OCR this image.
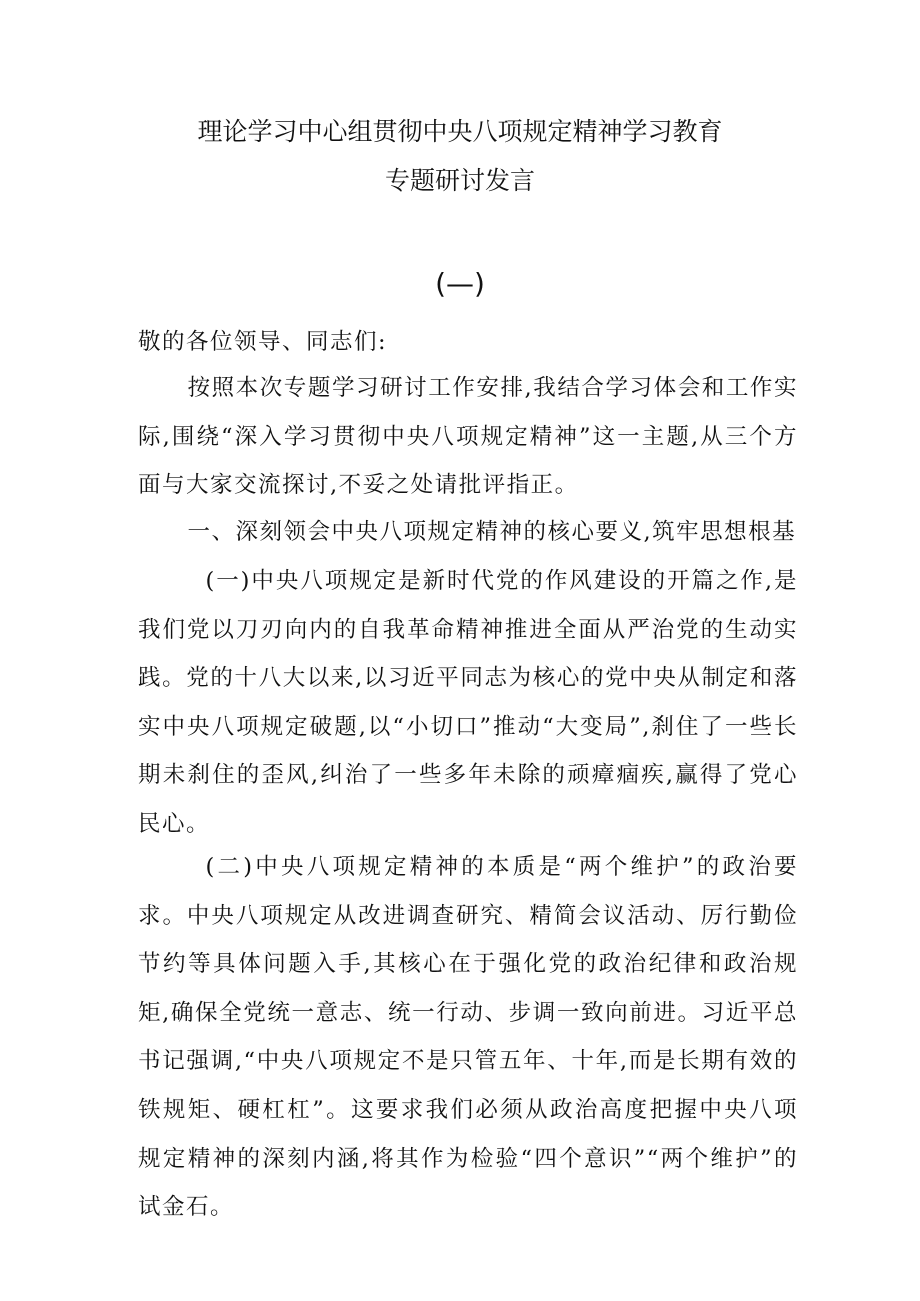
理论学习中心组贯彻中央八项规定精神学习教育
专题研讨发言
(—)

敬的各位领导、同志们:

按照本次专题学习研讨工作安排,我结合学习体会和工作实际,围绕“深入学习贯彻中央八项规定精神”这一主题,从三个方面与大家交流探讨,不妥之处请批评指正。

一、深刻领会中央八项规定精神的核心要义,筑牢思想根基

(一)中央八项规定是新时代党的作风建设的开篇之作,是我们党以刀刃向内的自我革命精神推进全面从严治党的生动实践。党的十八大以来,以习近平同志为核心的党中央从制定和落实中央八项规定破题,以“小切口”推动“大变局”,刹住了一些长期未刹住的歪风,纠治了一些多年未除的顽瘴痼疾,赢得了党心民心。

(二)中央八项规定精神的本质是“两个维护”的政治要求。中央八项规定从改进调查研究、精简会议活动、厉行勤俭节约等具体问题入手,其核心在于强化党的政治纪律和政治规矩,确保全党统一意志、统一行动、步调一致向前进。习近平总书记强调,“中央八项规定不是只管五年、十年,而是长期有效的铁规矩、硬杠杠”。这要求我们必须从政治高度把握中央八项规定精神的深刻内涵,将其作为检验“四个意识”“两个维护”的试金石。
